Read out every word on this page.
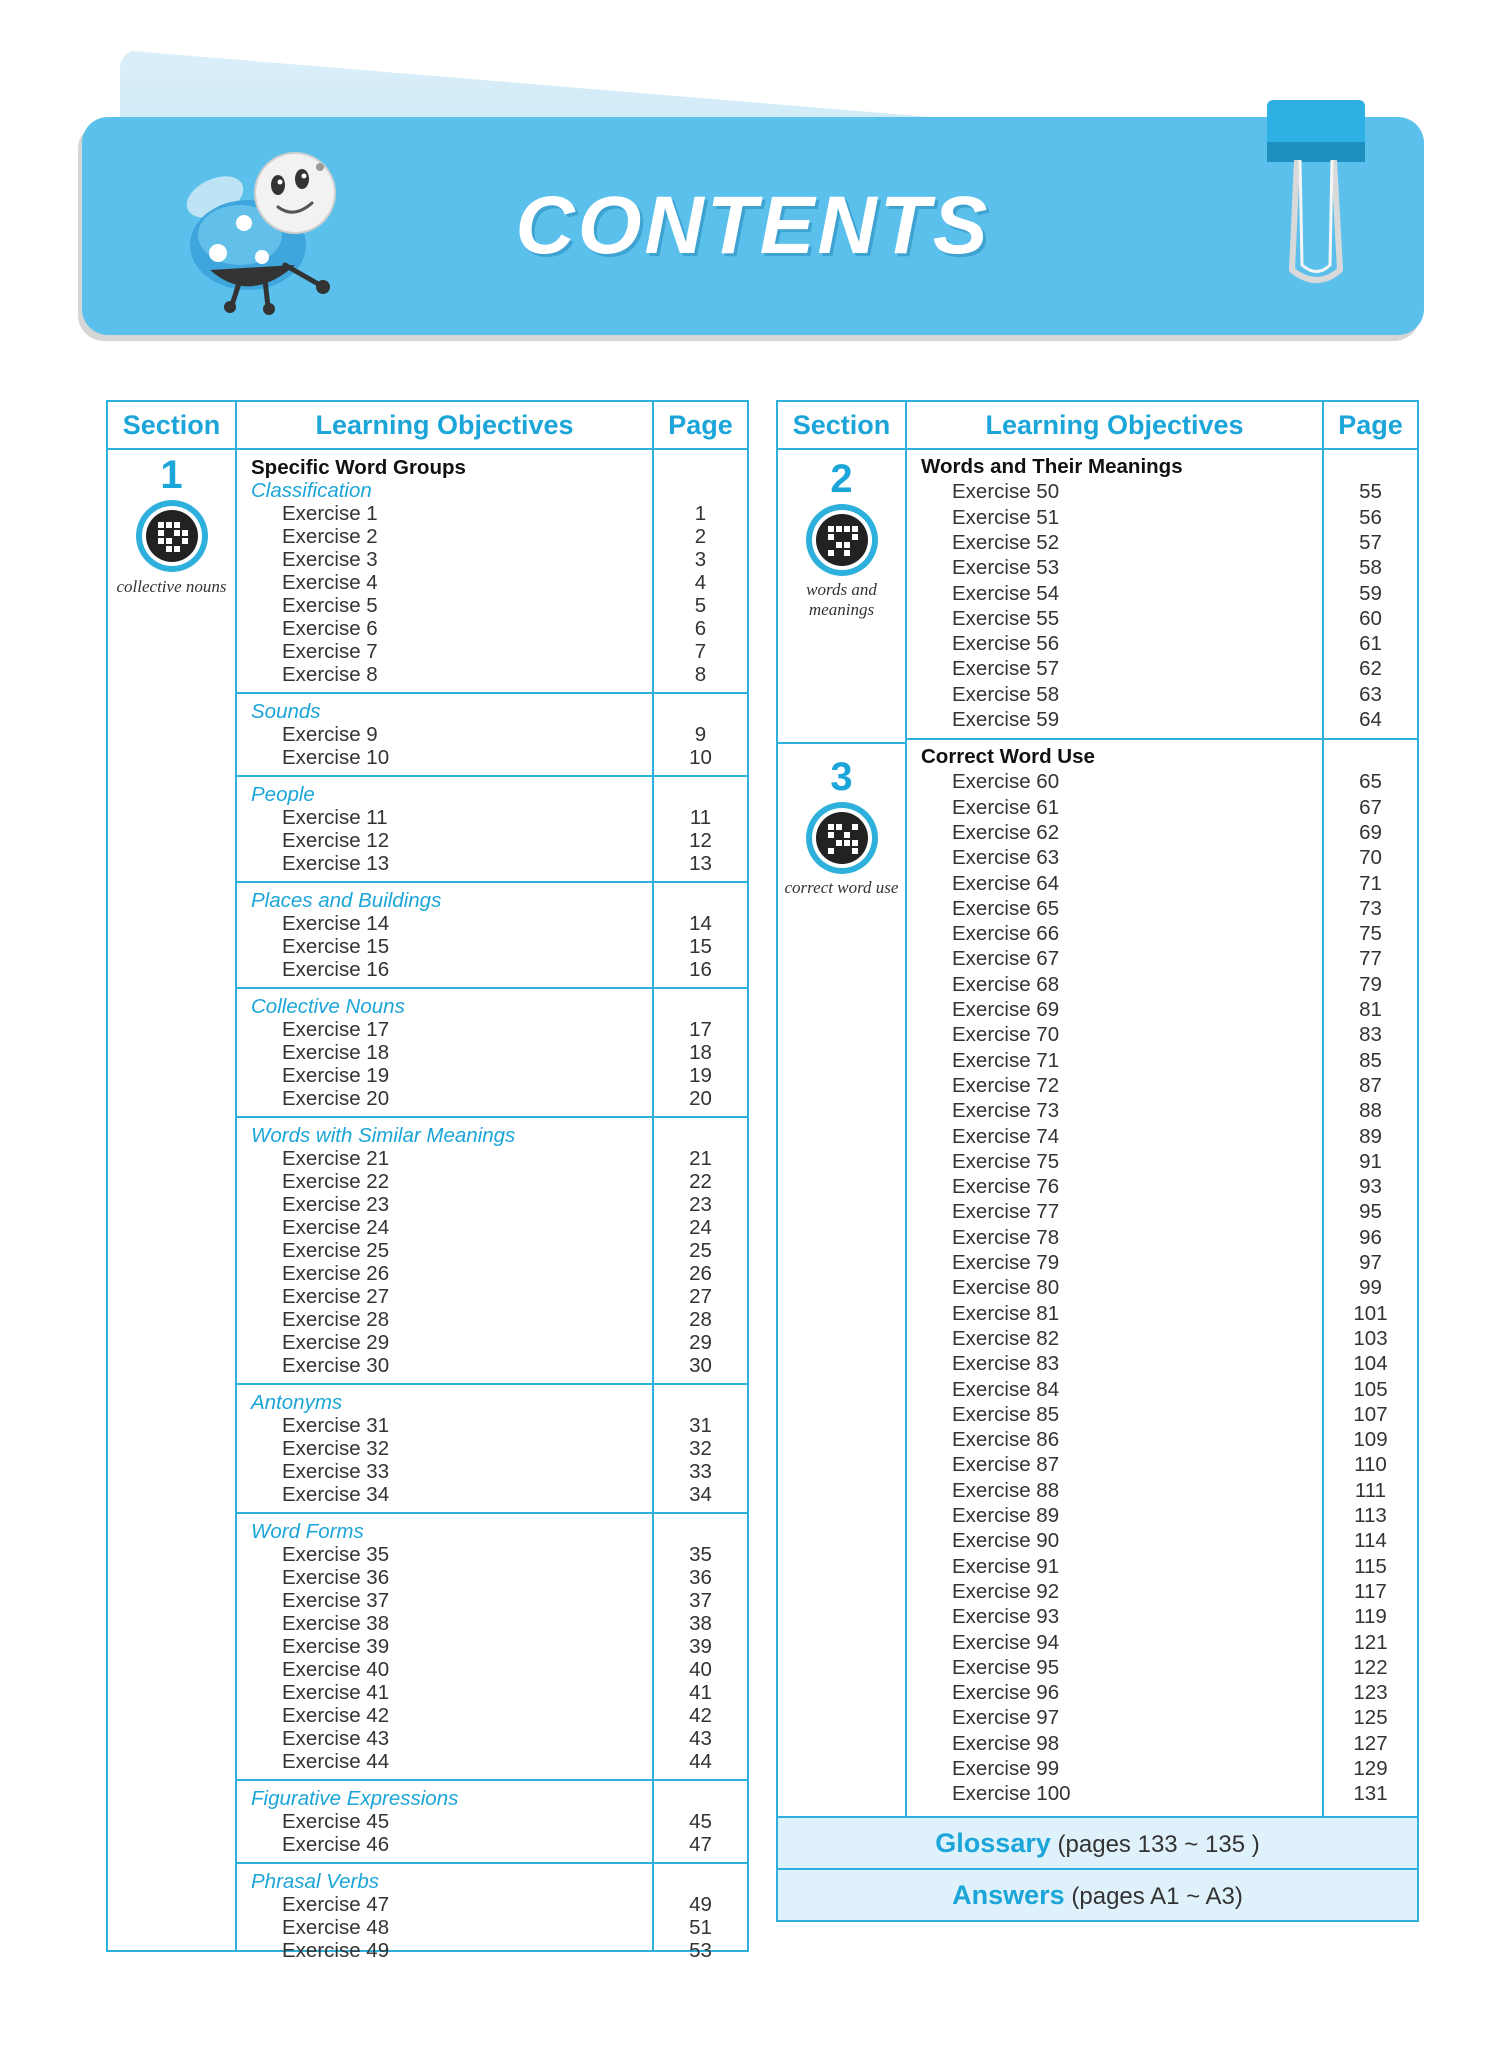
CONTENTS
Section	Learning Objectives	Page
1
collective nouns
Specific Word Groups
Classification
Exercise 1	1
Exercise 2	2
Exercise 3	3
Exercise 4	4
Exercise 5	5
Exercise 6	6
Exercise 7	7
Exercise 8	8
Sounds
Exercise 9	9
Exercise 10	10
People
Exercise 11	11
Exercise 12	12
Exercise 13	13
Places and Buildings
Exercise 14	14
Exercise 15	15
Exercise 16	16
Collective Nouns
Exercise 17	17
Exercise 18	18
Exercise 19	19
Exercise 20	20
Words with Similar Meanings
Exercise 21	21
Exercise 22	22
Exercise 23	23
Exercise 24	24
Exercise 25	25
Exercise 26	26
Exercise 27	27
Exercise 28	28
Exercise 29	29
Exercise 30	30
Antonyms
Exercise 31	31
Exercise 32	32
Exercise 33	33
Exercise 34	34
Word Forms
Exercise 35	35
Exercise 36	36
Exercise 37	37
Exercise 38	38
Exercise 39	39
Exercise 40	40
Exercise 41	41
Exercise 42	42
Exercise 43	43
Exercise 44	44
Figurative Expressions
Exercise 45	45
Exercise 46	47
Phrasal Verbs
Exercise 47	49
Exercise 48	51
Exercise 49	53
Section	Learning Objectives	Page
2
words and meanings
3
correct word use
Words and Their Meanings
Exercise 50	55
Exercise 51	56
Exercise 52	57
Exercise 53	58
Exercise 54	59
Exercise 55	60
Exercise 56	61
Exercise 57	62
Exercise 58	63
Exercise 59	64
Correct Word Use
Exercise 60	65
Exercise 61	67
Exercise 62	69
Exercise 63	70
Exercise 64	71
Exercise 65	73
Exercise 66	75
Exercise 67	77
Exercise 68	79
Exercise 69	81
Exercise 70	83
Exercise 71	85
Exercise 72	87
Exercise 73	88
Exercise 74	89
Exercise 75	91
Exercise 76	93
Exercise 77	95
Exercise 78	96
Exercise 79	97
Exercise 80	99
Exercise 81	101
Exercise 82	103
Exercise 83	104
Exercise 84	105
Exercise 85	107
Exercise 86	109
Exercise 87	110
Exercise 88	111
Exercise 89	113
Exercise 90	114
Exercise 91	115
Exercise 92	117
Exercise 93	119
Exercise 94	121
Exercise 95	122
Exercise 96	123
Exercise 97	125
Exercise 98	127
Exercise 99	129
Exercise 100	131
Glossary (pages 133 ~ 135 )
Answers (pages A1 ~ A3)
